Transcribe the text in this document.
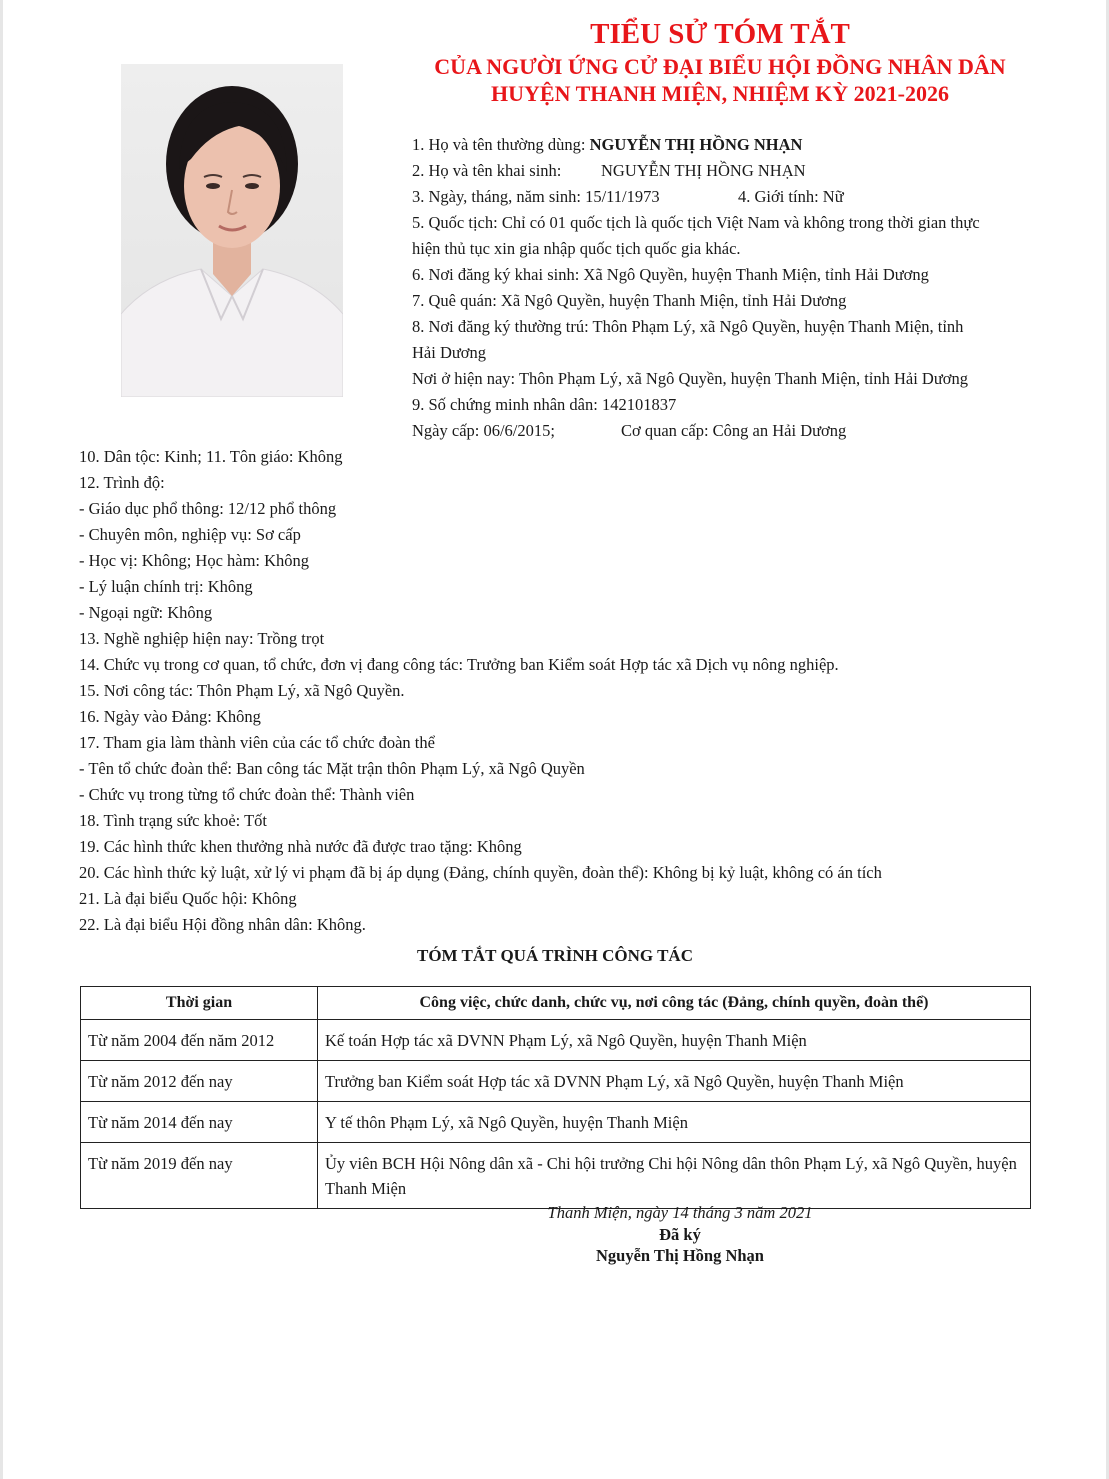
TIỂU SỬ TÓM TẮT
CỦA NGƯỜI ỨNG CỬ ĐẠI BIỂU HỘI ĐỒNG NHÂN DÂN
HUYỆN THANH MIỆN, NHIỆM KỲ 2021-2026
1. Họ và tên thường dùng: NGUYỄN THỊ HỒNG NHẠN
2. Họ và tên khai sinh: NGUYỄN THỊ HỒNG NHẠN
3. Ngày, tháng, năm sinh: 15/11/1973	4. Giới tính: Nữ
5. Quốc tịch: Chỉ có 01 quốc tịch là quốc tịch Việt Nam và không trong thời gian thực
hiện thủ tục xin gia nhập quốc tịch quốc gia khác.
6. Nơi đăng ký khai sinh: Xã Ngô Quyền, huyện Thanh Miện, tỉnh Hải Dương
7. Quê quán: Xã Ngô Quyền, huyện Thanh Miện, tỉnh Hải Dương
8. Nơi đăng ký thường trú: Thôn Phạm Lý, xã Ngô Quyền, huyện Thanh Miện, tỉnh
Hải Dương
Nơi ở hiện nay: Thôn Phạm Lý, xã Ngô Quyền, huyện Thanh Miện, tỉnh Hải Dương
9. Số chứng minh nhân dân: 142101837
Ngày cấp: 06/6/2015;	Cơ quan cấp: Công an Hải Dương
10. Dân tộc: Kinh; 11. Tôn giáo: Không
12. Trình độ:
- Giáo dục phổ thông: 12/12 phổ thông
- Chuyên môn, nghiệp vụ: Sơ cấp
- Học vị: Không; Học hàm: Không
- Lý luận chính trị: Không
- Ngoại ngữ: Không
13. Nghề nghiệp hiện nay: Trồng trọt
14. Chức vụ trong cơ quan, tổ chức, đơn vị đang công tác: Trưởng ban Kiểm soát Hợp tác xã Dịch vụ nông nghiệp.
15. Nơi công tác: Thôn Phạm Lý, xã Ngô Quyền.
16. Ngày vào Đảng: Không
17. Tham gia làm thành viên của các tổ chức đoàn thể
- Tên tổ chức đoàn thể: Ban công tác Mặt trận thôn Phạm Lý, xã Ngô Quyền
- Chức vụ trong từng tổ chức đoàn thể: Thành viên
18. Tình trạng sức khoẻ: Tốt
19. Các hình thức khen thưởng nhà nước đã được trao tặng: Không
20. Các hình thức kỷ luật, xử lý vi phạm đã bị áp dụng (Đảng, chính quyền, đoàn thể): Không bị kỷ luật, không có án tích
21. Là đại biểu Quốc hội: Không
22. Là đại biểu Hội đồng nhân dân: Không.
TÓM TẮT QUÁ TRÌNH CÔNG TÁC
Thời gian	Công việc, chức danh, chức vụ, nơi công tác (Đảng, chính quyền, đoàn thể)
Từ năm 2004 đến năm 2012	Kế toán Hợp tác xã DVNN Phạm Lý, xã Ngô Quyền, huyện Thanh Miện
Từ năm 2012 đến nay	Trưởng ban Kiểm soát Hợp tác xã DVNN Phạm Lý, xã Ngô Quyền, huyện Thanh Miện
Từ năm 2014 đến nay	Y tế thôn Phạm Lý, xã Ngô Quyền, huyện Thanh Miện
Từ năm 2019 đến nay	Ủy viên BCH Hội Nông dân xã - Chi hội trưởng Chi hội Nông dân thôn Phạm Lý, xã Ngô Quyền, huyện Thanh Miện
Thanh Miện, ngày 14 tháng 3 năm 2021
Đã ký
Nguyễn Thị Hồng Nhạn
